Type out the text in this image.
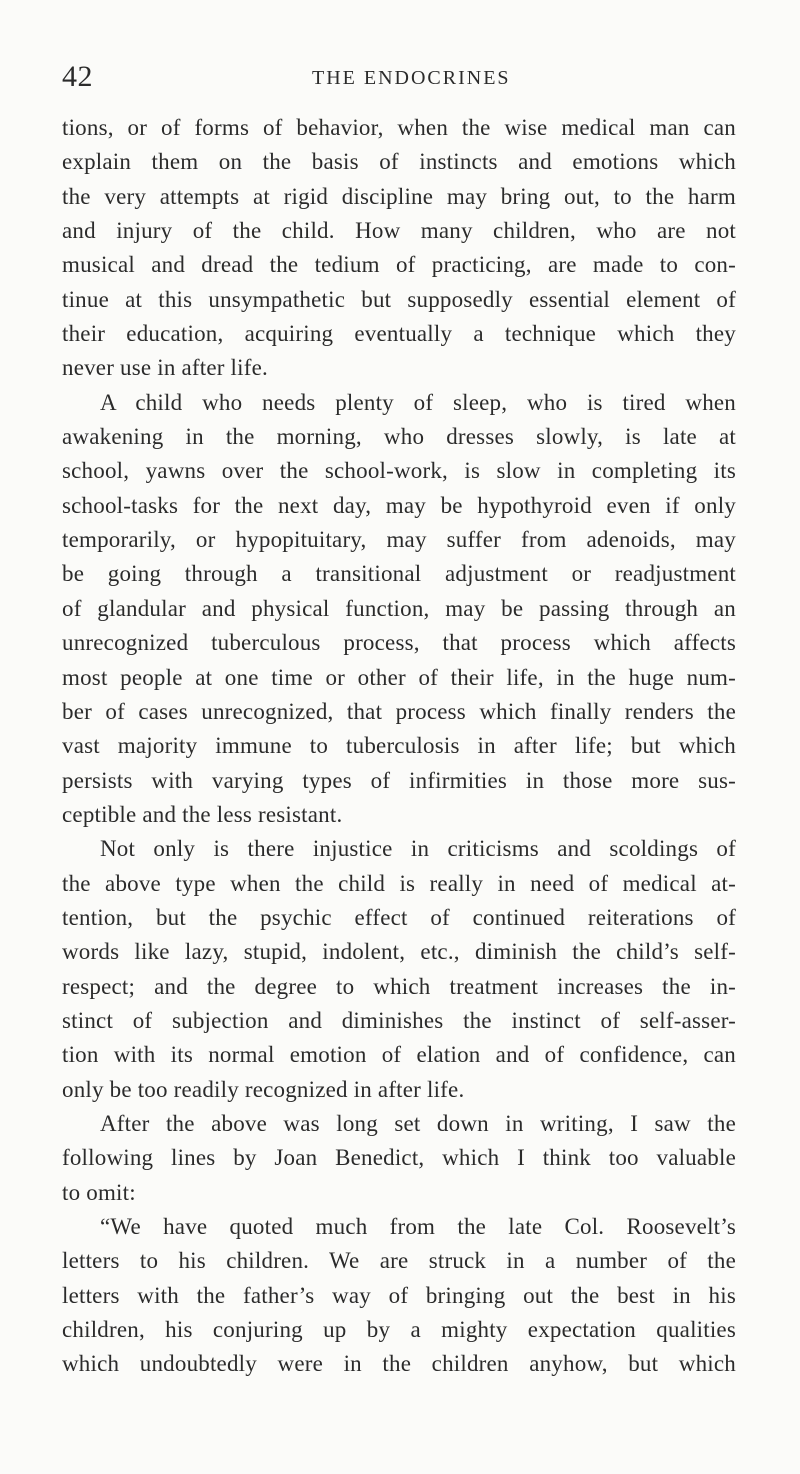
42	THE ENDOCRINES
tions, or of forms of behavior, when the wise medical man can
explain them on the basis of instincts and emotions which
the very attempts at rigid discipline may bring out, to the harm
and injury of the child. How many children, who are not
musical and dread the tedium of practicing, are made to con-
tinue at this unsympathetic but supposedly essential element of
their education, acquiring eventually a technique which they
never use in after life.
A child who needs plenty of sleep, who is tired when
awakening in the morning, who dresses slowly, is late at
school, yawns over the school-work, is slow in completing its
school-tasks for the next day, may be hypothyroid even if only
temporarily, or hypopituitary, may suffer from adenoids, may
be going through a transitional adjustment or readjustment
of glandular and physical function, may be passing through an
unrecognized tuberculous process, that process which affects
most people at one time or other of their life, in the huge num-
ber of cases unrecognized, that process which finally renders the
vast majority immune to tuberculosis in after life; but which
persists with varying types of infirmities in those more sus-
ceptible and the less resistant.
Not only is there injustice in criticisms and scoldings of
the above type when the child is really in need of medical at-
tention, but the psychic effect of continued reiterations of
words like lazy, stupid, indolent, etc., diminish the child’s self-
respect; and the degree to which treatment increases the in-
stinct of subjection and diminishes the instinct of self-asser-
tion with its normal emotion of elation and of confidence, can
only be too readily recognized in after life.
After the above was long set down in writing, I saw the
following lines by Joan Benedict, which I think too valuable
to omit:
“We have quoted much from the late Col. Roosevelt’s
letters to his children. We are struck in a number of the
letters with the father’s way of bringing out the best in his
children, his conjuring up by a mighty expectation qualities
which undoubtedly were in the children anyhow, but which
